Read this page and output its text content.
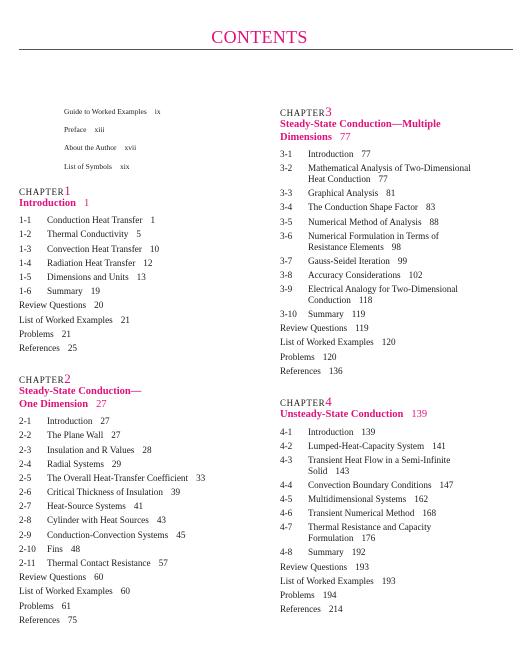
CONTENTS
Guide to Worked Examples ix
Preface xiii
About the Author xvii
List of Symbols xix
CHAPTER1
Introduction 1
1-1	Conduction Heat Transfer 1
1-2	Thermal Conductivity 5
1-3	Convection Heat Transfer 10
1-4	Radiation Heat Transfer 12
1-5	Dimensions and Units 13
1-6	Summary 19
Review Questions 20
List of Worked Examples 21
Problems 21
References 25
CHAPTER2
Steady-State Conduction—
One Dimension 27
2-1	Introduction 27
2-2	The Plane Wall 27
2-3	Insulation and R Values 28
2-4	Radial Systems 29
2-5	The Overall Heat-Transfer Coefficient 33
2-6	Critical Thickness of Insulation 39
2-7	Heat-Source Systems 41
2-8	Cylinder with Heat Sources 43
2-9	Conduction-Convection Systems 45
2-10	Fins 48
2-11	Thermal Contact Resistance 57
Review Questions 60
List of Worked Examples 60
Problems 61
References 75
CHAPTER3
Steady-State Conduction—Multiple
Dimensions 77
3-1	Introduction 77
3-2	Mathematical Analysis of Two-Dimensional
Heat Conduction 77
3-3	Graphical Analysis 81
3-4	The Conduction Shape Factor 83
3-5	Numerical Method of Analysis 88
3-6	Numerical Formulation in Terms of
Resistance Elements 98
3-7	Gauss-Seidel Iteration 99
3-8	Accuracy Considerations 102
3-9	Electrical Analogy for Two-Dimensional
Conduction 118
3-10	Summary 119
Review Questions 119
List of Worked Examples 120
Problems 120
References 136
CHAPTER4
Unsteady-State Conduction 139
4-1	Introduction 139
4-2	Lumped-Heat-Capacity System 141
4-3	Transient Heat Flow in a Semi-Infinite
Solid 143
4-4	Convection Boundary Conditions 147
4-5	Multidimensional Systems 162
4-6	Transient Numerical Method 168
4-7	Thermal Resistance and Capacity
Formulation 176
4-8	Summary 192
Review Questions 193
List of Worked Examples 193
Problems 194
References 214
